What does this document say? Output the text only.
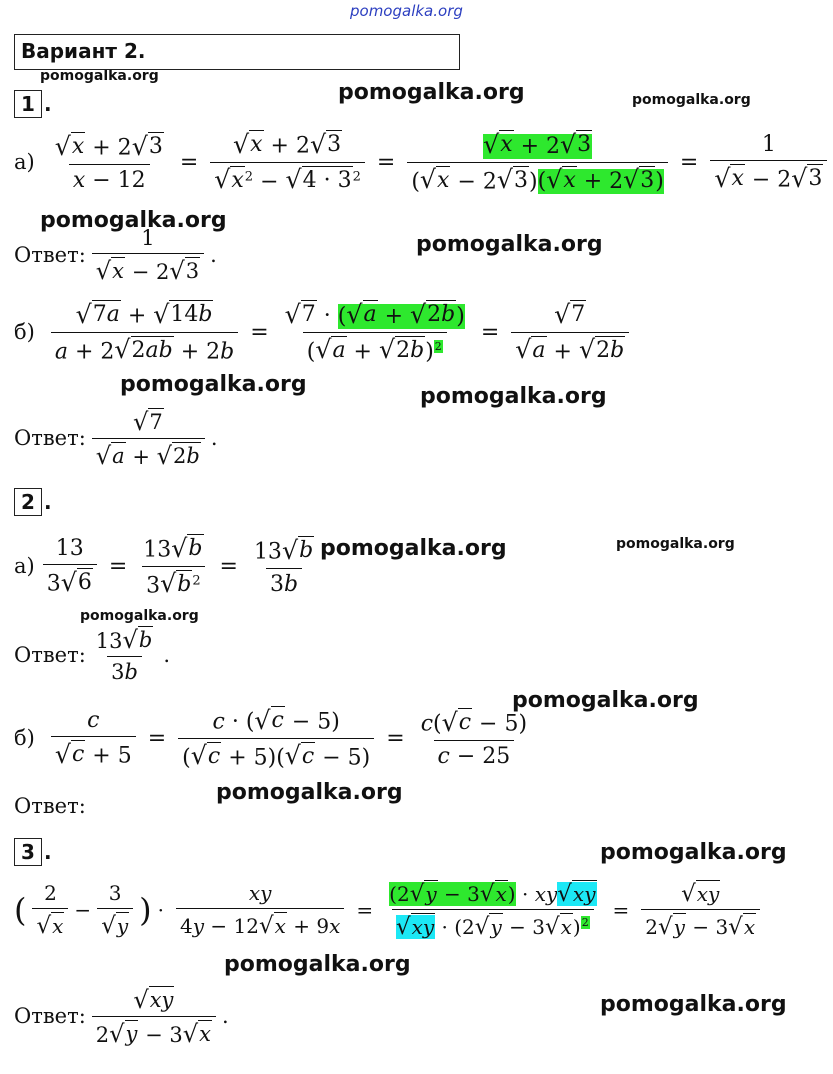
pomogalka.org
pomogalka.org
pomogalka.org	pomogalka.org
pomogalka.org
pomogalka.org
pomogalka.org	pomogalka.org
pomogalka.org	pomogalka.org
pomogalka.org
pomogalka.org
pomogalka.org
pomogalka.org
pomogalka.org
pomogalka.org
Вариант 2.
1 .
$а) \frac{√ x + 2 √ 3}{x - 12} = \frac{√ x + 2 √ 3}{√ x ^2 - √ 4 \cdot 3 ^2} = \frac{√ x + 2 √ 3}{( √ x - 2 √ 3 )( √ x + 2 √ 3 )} = \frac{1}{√ x - 2 √ 3}$
Ответ: $\frac{1}{√ x - 2 √ 3}$ .
$б) \frac{√ 7a + √ 14b}{a + 2 √ 2ab + 2b} = \frac{√ 7 \cdot ( √ a + √ 2b )}{( √ a + √ 2b )^2} = \frac{√ 7}{√ a + √ 2b}$
Ответ: $\frac{√ 7}{√ a + √ 2b}$ .
2 .
$а) \frac{13}{3 √ 6} = \frac{13 √ b}{3 √ b ^2} = \frac{13 √ b}{3b}$
Ответ: $\frac{13 √ b}{3b}$ .
$б) \frac{c}{√ c + 5} = \frac{c \cdot ( √ c - 5)}{( √ c + 5)( √ c - 5)} = \frac{c( √ c - 5)}{c - 25}$
Ответ:
3 .
( $\frac{2}{√ x} - \frac{3}{√ y}$ ) · $\frac{xy}{4y - 12 √ x + 9x} = \frac{(2 √ y - 3 √ x ) \cdot xy √ xy}{√ xy \cdot (2 √ y - 3 √ x )^2} = \frac{√ xy}{2 √ y - 3 √ x}$
Ответ: $\frac{√ xy}{2 √ y - 3 √ x}$ .
